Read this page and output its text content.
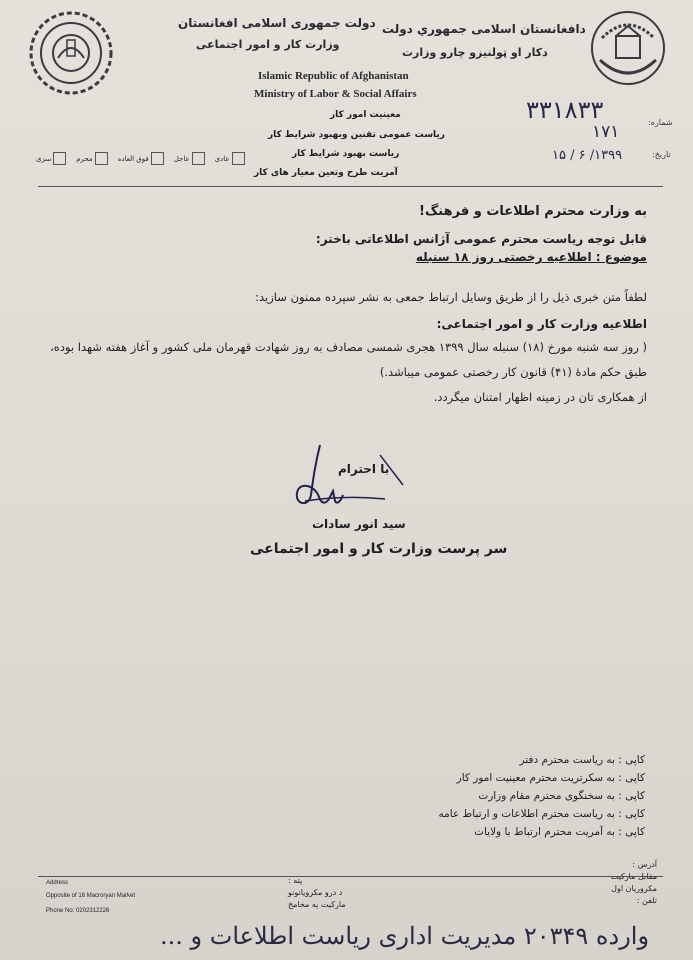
دولت جمهوری اسلامی افغانستان
وزارت کار و امور اجتماعی
دافغانستان اسلامی جمهوري دولت
دکار او ټولنيزو چارو وزارت
Islamic Republic of Afghanistan
Ministry of Labor & Social Affairs
معینیت امور کار
ریاست عمومی تقنین وبهبود شرایط کار
ریاست بهبود شرایط کار
آمریت طرح وتعین معیار های کار
سری	محرم	فوق العاده	عاجل	عادی
شماره:
تاریخ:
۳۳۱۸۳۳
۱۷۱
۱۳۹۹/ ۶ / ۱۵
به وزارت محترم اطلاعات و فرهنگ!
قابل توجه ریاست محترم عمومی آژانس اطلاعاتی باختر:
موضوع : اطلاعیه رخصتی روز ۱۸ سنبله
لطفاً متن خبری ذیل را از طریق وسایل ارتباط جمعی به نشر سپرده ممنون سازید:
اطلاعیه وزارت کار و امور اجتماعی:
( روز سه شنبه مورخ (۱۸) سنبله سال ۱۳۹۹ هجری شمسی مصادف به روز شهادت قهرمان ملی کشور و آغاز هفته شهدا بوده،
طبق حکم مادهٔ (۴۱) قانون کار رخصتی عمومی میباشد.)
از همکاری تان در زمینه اظهار امتنان میگردد.
با احترام
سید انور سادات
سر پرست وزارت کار و امور اجتماعی
کاپی : به ریاست محترم دفتر
کاپی : به سکرتریت محترم معینیت امور کار
کاپی : به سخنگوی محترم مقام وزارت
کاپی : به ریاست محترم اطلاعات و ارتباط عامه
کاپی : به آمریت محترم ارتباط با ولایات
Address
Opposite of 16 Macroryan Market
Phone No: 0202312226
پته :
د درو مکرویانونو
مارکیت په مخامخ
آدرس :
مقابل مارکیت
مکروریان اول
تلفن :
وارده ۲۰۳۴۹ مدیریت اداری ریاست اطلاعات و ...
